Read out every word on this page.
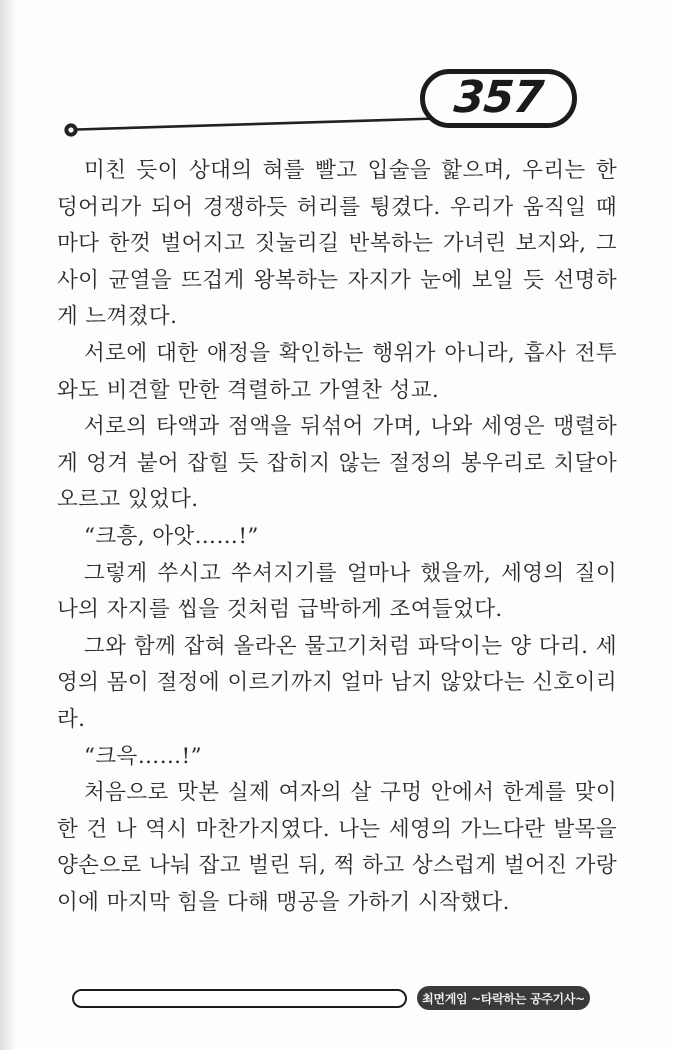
357

미친 듯이 상대의 혀를 빨고 입술을 핥으며, 우리는 한 덩어리가 되어 경쟁하듯 허리를 튕겼다. 우리가 움직일 때마다 한껏 벌어지고 짓눌리길 반복하는 가녀린 보지와, 그 사이 균열을 뜨겁게 왕복하는 자지가 눈에 보일 듯 선명하게 느껴졌다.

서로에 대한 애정을 확인하는 행위가 아니라, 흡사 전투와도 비견할 만한 격렬하고 가열찬 성교.

서로의 타액과 점액을 뒤섞어 가며, 나와 세영은 맹렬하게 엉겨 붙어 잡힐 듯 잡히지 않는 절정의 봉우리로 치달아 오르고 있었다.

“크흥, 아앗……!”

그렇게 쑤시고 쑤셔지기를 얼마나 했을까, 세영의 질이 나의 자지를 씹을 것처럼 급박하게 조여들었다.

그와 함께 잡혀 올라온 물고기처럼 파닥이는 양 다리. 세영의 몸이 절정에 이르기까지 얼마 남지 않았다는 신호이리라.

“크윽……!”

처음으로 맛본 실제 여자의 살 구멍 안에서 한계를 맞이한 건 나 역시 마찬가지였다. 나는 세영의 가느다란 발목을 양손으로 나눠 잡고 벌린 뒤, 쩍 하고 상스럽게 벌어진 가랑이에 마지막 힘을 다해 맹공을 가하기 시작했다.

최면게임 ~타락하는 공주기사~
